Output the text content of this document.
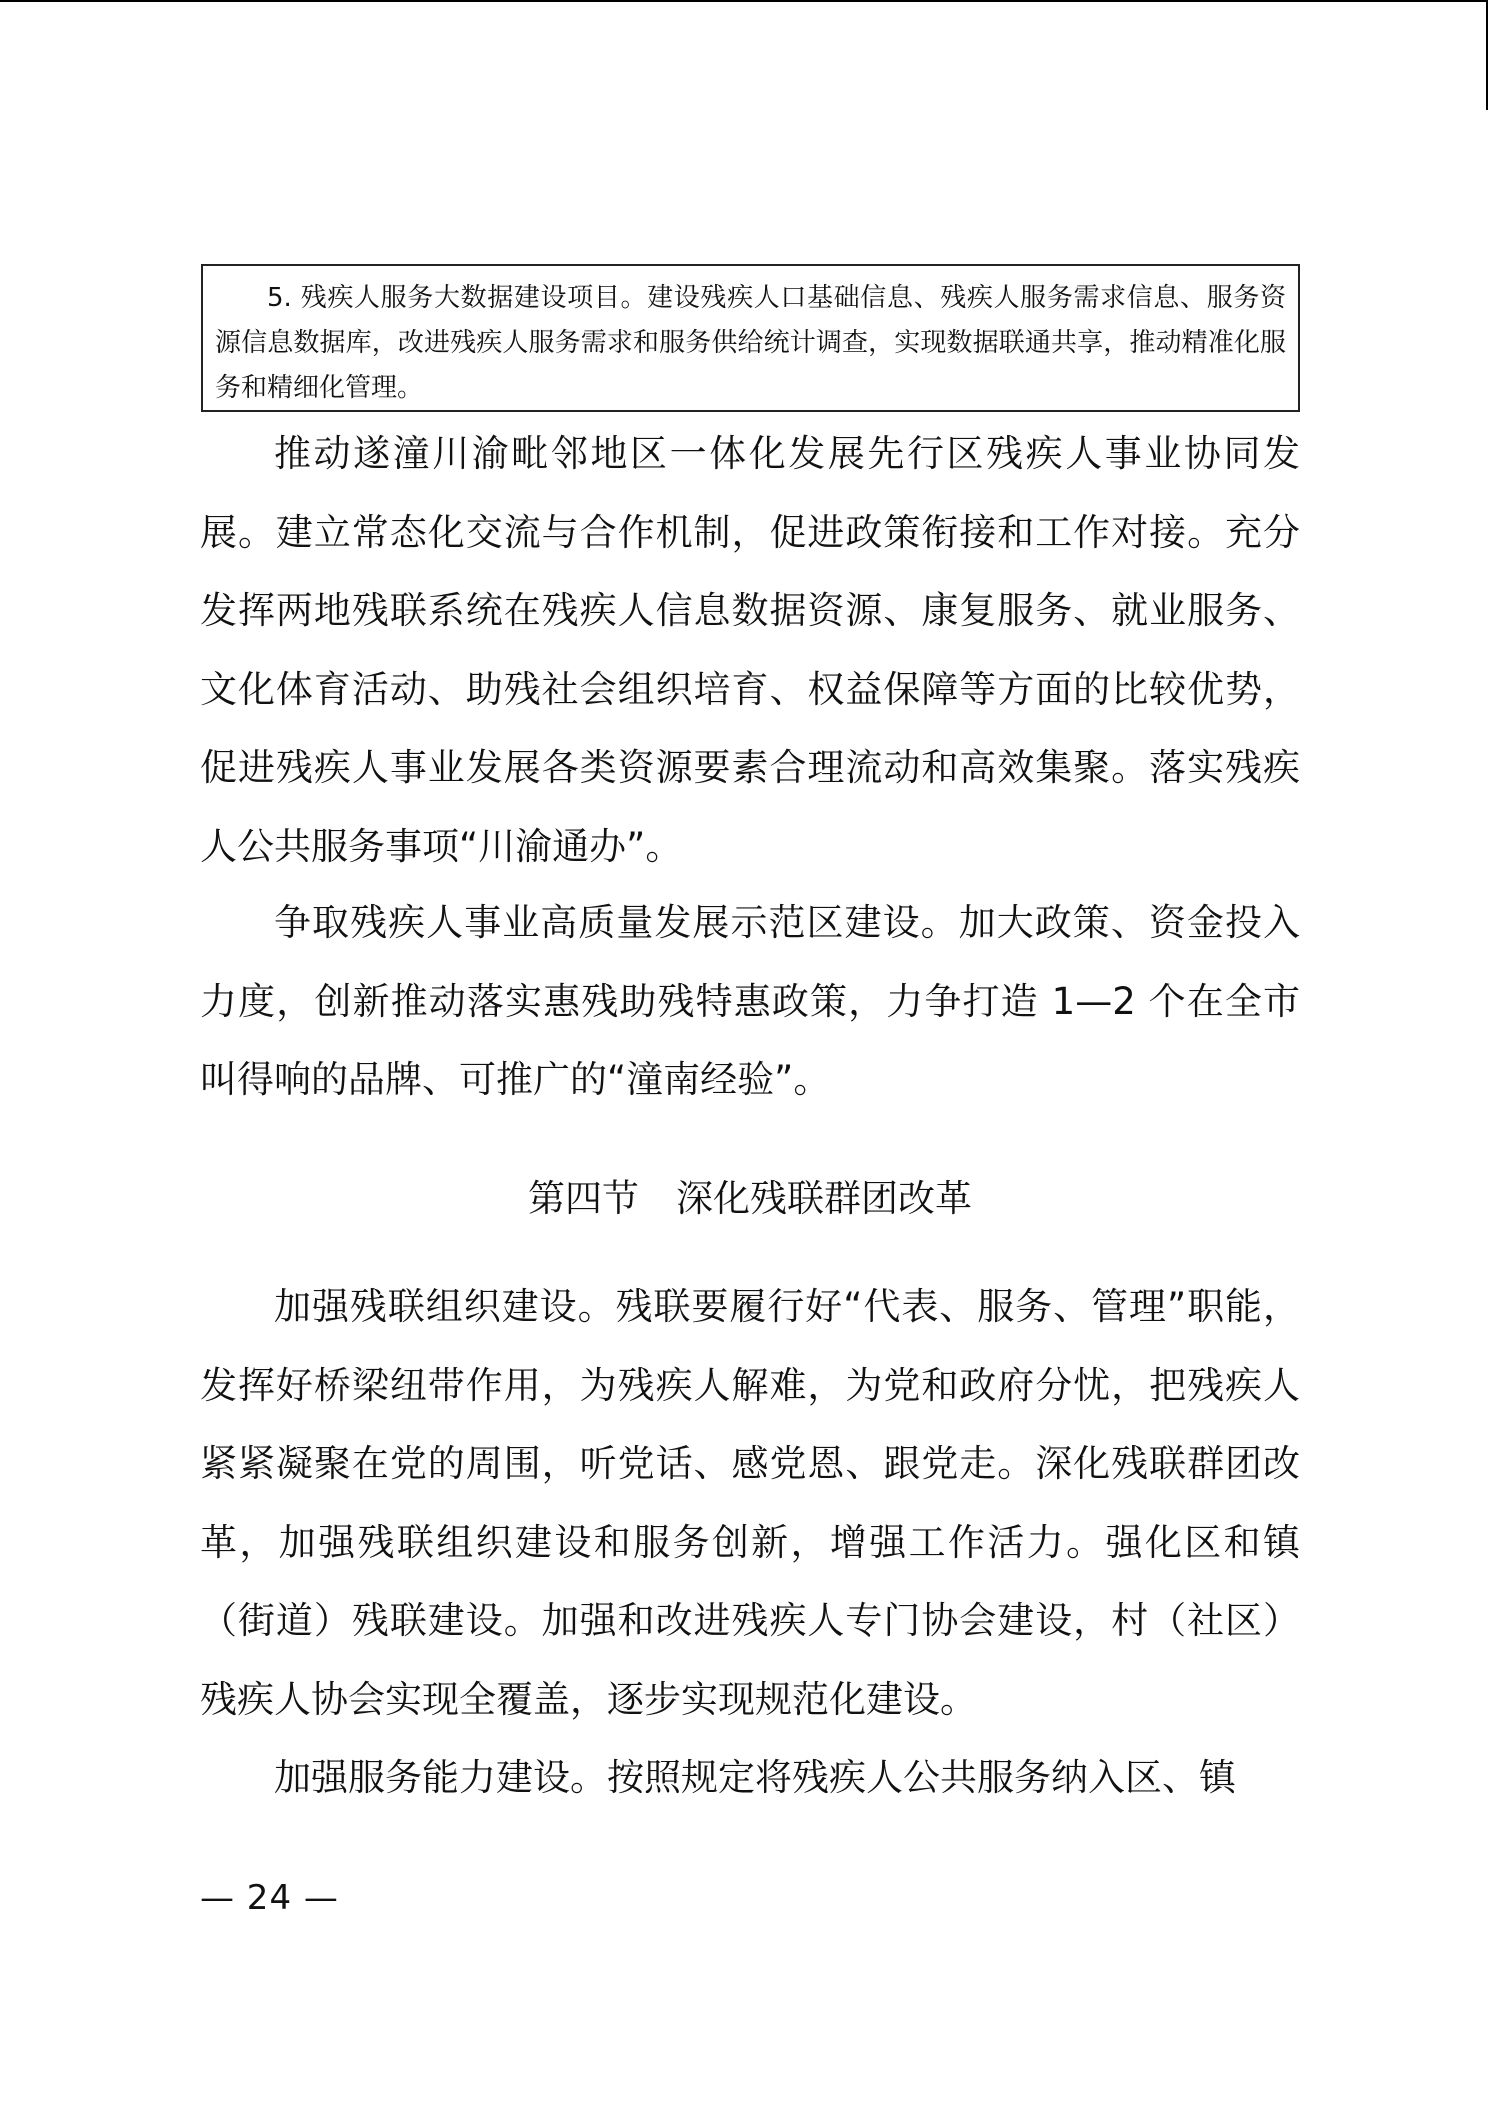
5. 残疾人服务大数据建设项目。建设残疾人口基础信息、残疾人服务需求信息、服务资源信息数据库，改进残疾人服务需求和服务供给统计调查，实现数据联通共享，推动精准化服务和精细化管理。

推动遂潼川渝毗邻地区一体化发展先行区残疾人事业协同发展。建立常态化交流与合作机制，促进政策衔接和工作对接。充分发挥两地残联系统在残疾人信息数据资源、康复服务、就业服务、文化体育活动、助残社会组织培育、权益保障等方面的比较优势，促进残疾人事业发展各类资源要素合理流动和高效集聚。落实残疾人公共服务事项“川渝通办”。

争取残疾人事业高质量发展示范区建设。加大政策、资金投入力度，创新推动落实惠残助残特惠政策，力争打造 1—2 个在全市叫得响的品牌、可推广的“潼南经验”。

第四节　深化残联群团改革

加强残联组织建设。残联要履行好“代表、服务、管理”职能，发挥好桥梁纽带作用，为残疾人解难，为党和政府分忧，把残疾人紧紧凝聚在党的周围，听党话、感党恩、跟党走。深化残联群团改革，加强残联组织建设和服务创新，增强工作活力。强化区和镇（街道）残联建设。加强和改进残疾人专门协会建设，村（社区）残疾人协会实现全覆盖，逐步实现规范化建设。

加强服务能力建设。按照规定将残疾人公共服务纳入区、镇

— 24 —
